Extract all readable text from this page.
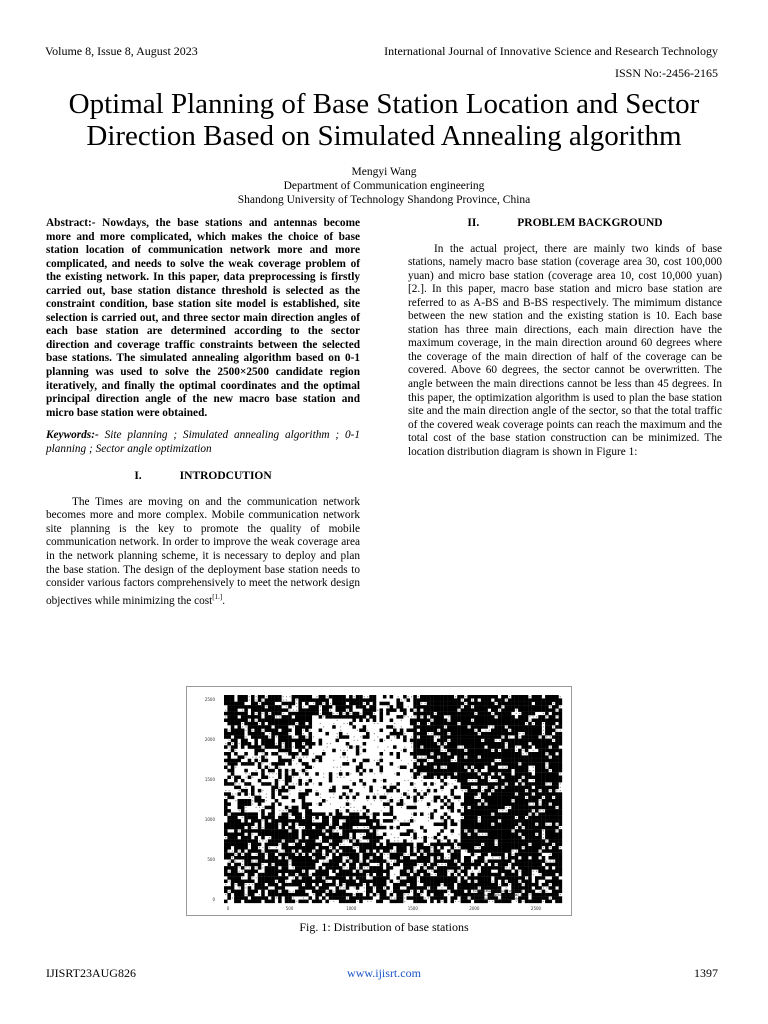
Volume 8, Issue 8, August 2023	International Journal of Innovative Science and Research Technology
ISSN No:-2456-2165
Optimal Planning of Base Station Location and Sector
Direction Based on Simulated Annealing algorithm
Mengyi Wang
Department of Communication engineering
Shandong University of Technology Shandong Province, China
Abstract:- Nowdays, the base stations and antennas become more and more complicated, which makes the choice of base station location of communication network more and more complicated, and needs to solve the weak coverage problem of the existing network. In this paper, data preprocessing is firstly carried out, base station distance threshold is selected as the constraint condition, base station site model is established, site selection is carried out, and three sector main direction angles of each base station are determined according to the sector direction and coverage traffic constraints between the selected base stations. The simulated annealing algorithm based on 0-1 planning was used to solve the 2500×2500 candidate region iteratively, and finally the optimal coordinates and the optimal principal direction angle of the new macro base station and micro base station were obtained.
Keywords:- Site planning ; Simulated annealing algorithm ; 0-1 planning ; Sector angle optimization
I.	INTRODCUTION
The Times are moving on and the communication network becomes more and more complex. Mobile communication network site planning is the key to promote the quality of mobile communication network. In order to improve the weak coverage area in the network planning scheme, it is necessary to deploy and plan the base station. The design of the deployment base station needs to consider various factors comprehensively to meet the network design objectives while minimizing the cost[1.].
II.	PROBLEM BACKGROUND
In the actual project, there are mainly two kinds of base stations, namely macro base station (coverage area 30, cost 100,000 yuan) and micro base station (coverage area 10, cost 10,000 yuan)[2.]. In this paper, macro base station and micro base station are referred to as A-BS and B-BS respectively. The mimimum distance between the new station and the existing station is 10. Each base station has three main directions, each main direction have the maximum coverage, in the main direction around 60 degrees where the coverage of the main direction of half of the coverage can be covered. Above 60 degrees, the sector cannot be overwritten. The angle between the main directions cannot be less than 45 degrees. In this paper, the optimization algorithm is used to plan the base station site and the main direction angle of the sector, so that the total traffic of the covered weak coverage points can reach the maximum and the total cost of the base station construction can be minimized. The location distribution diagram is shown in Figure 1:
2500
2000
1500
1000
500
0
0	500	1000	1500	2000	2500
Existing Base Stations (Station 1)
Weak Coverage Points (Station 2)
New Base Stations (Station 3)
Fig. 1: Distribution of base stations
IJISRT23AUG826	www.ijisrt.com	1397
